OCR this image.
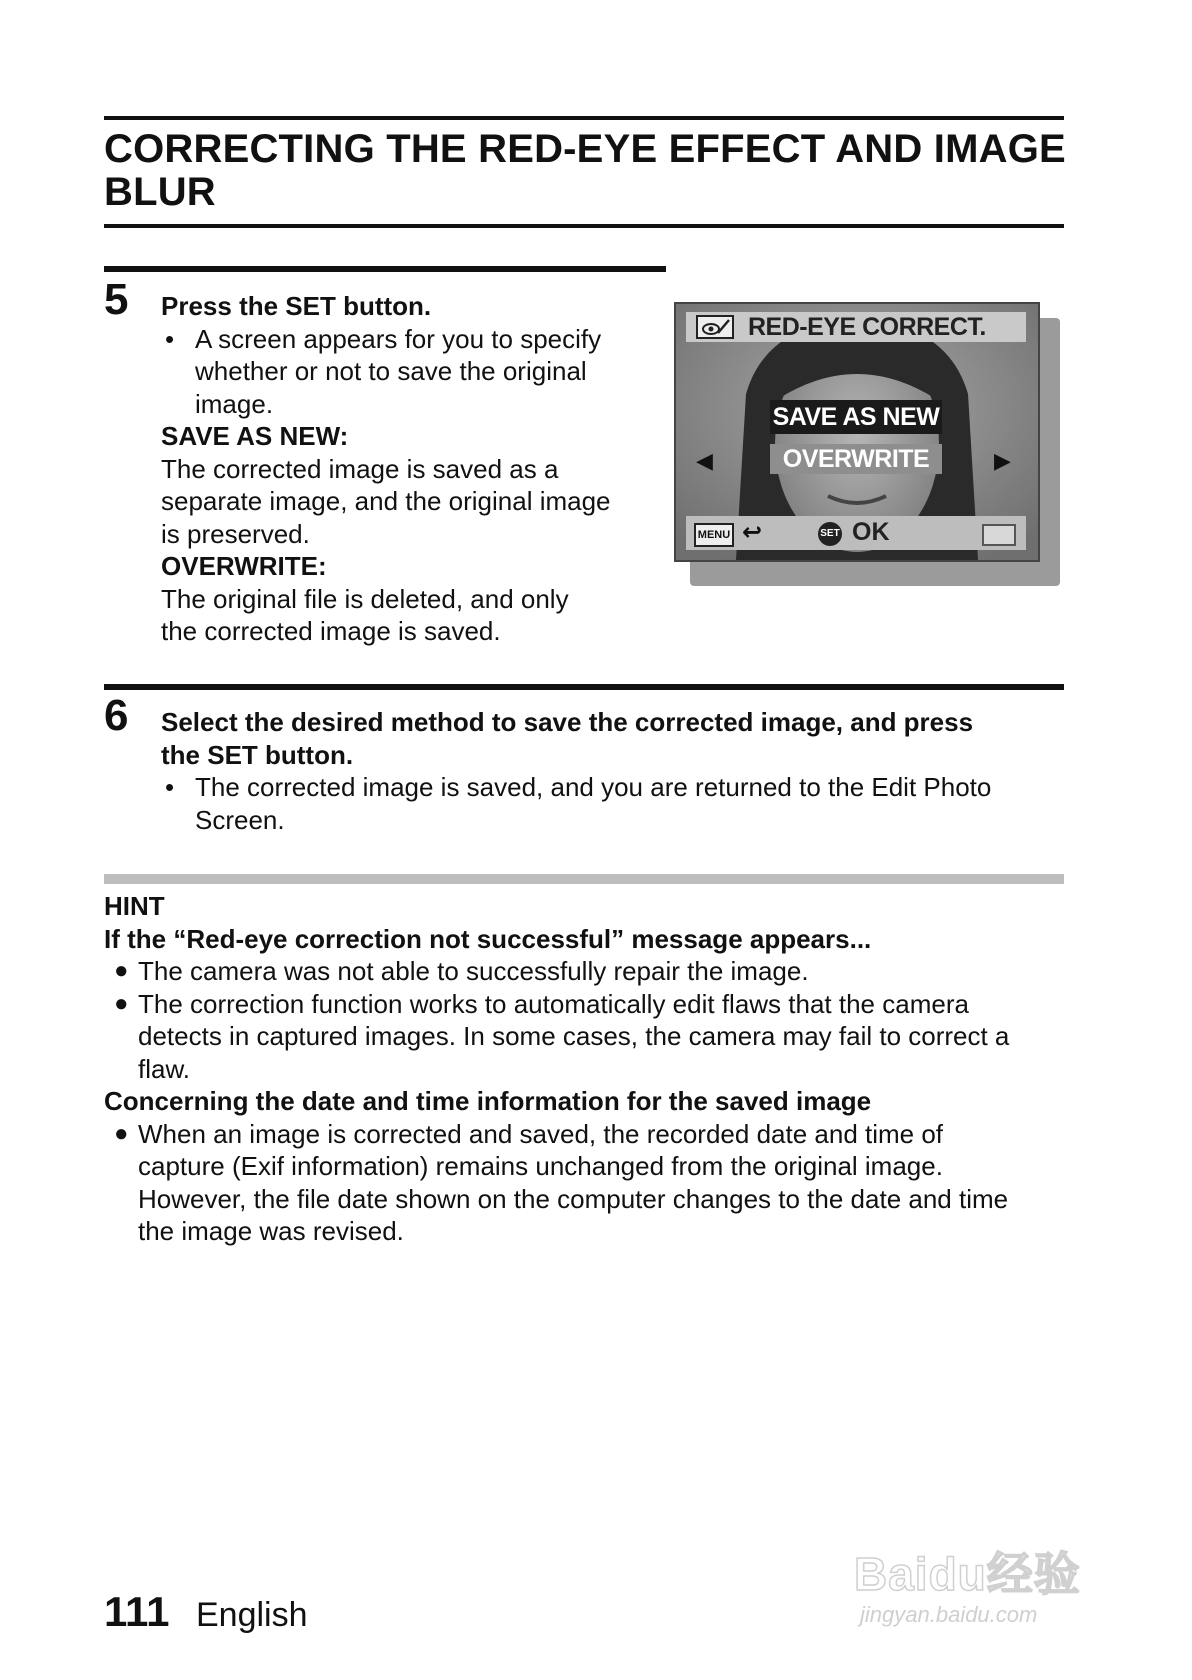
CORRECTING THE RED-EYE EFFECT AND IMAGE BLUR
5 Press the SET button.
• A screen appears for you to specify
whether or not to save the original
image.
SAVE AS NEW:
The corrected image is saved as a
separate image, and the original image
is preserved.
OVERWRITE:
The original file is deleted, and only
the corrected image is saved.
RED-EYE CORRECT.
SAVE AS NEW
OVERWRITE
◀	▶
MENU ↩	SET OK
6 Select the desired method to save the corrected image, and press
the SET button.
• The corrected image is saved, and you are returned to the Edit Photo
Screen.
HINT
If the “Red-eye correction not successful” message appears...
● The camera was not able to successfully repair the image.
● The correction function works to automatically edit flaws that the camera
detects in captured images. In some cases, the camera may fail to correct a
flaw.
Concerning the date and time information for the saved image
● When an image is corrected and saved, the recorded date and time of
capture (Exif information) remains unchanged from the original image.
However, the file date shown on the computer changes to the date and time
the image was revised.
111 English
Baidu经验
jingyan.baidu.com
